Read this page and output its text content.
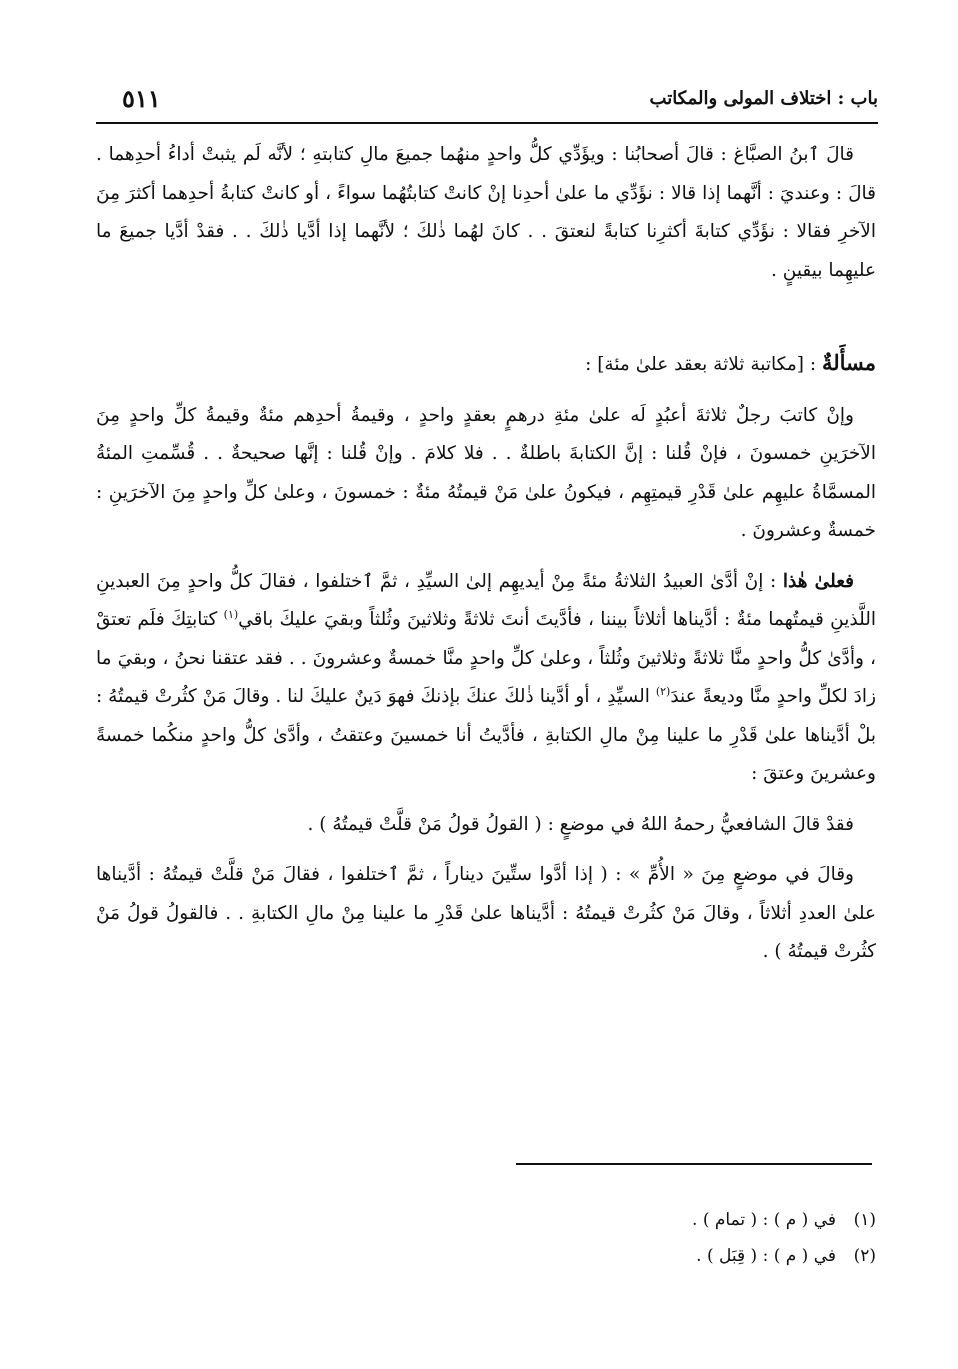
باب : اختلاف المولى والمكاتب
٥١١

قالَ ٱبنُ الصبَّاغ : قالَ أصحابُنا : ويؤَدِّي كلُّ واحدٍ منهُما جميعَ مالِ كتابتهِ ؛ لأنَّه لَم يثبتْ أداءُ أحدِهما . قالَ : وعنديَ : أنَّهما إذا قالا : نؤَدِّي ما علىٰ أحدِنا إنْ كانتْ كتابتُهُما سواءً ، أو كانتْ كتابةُ أحدِهما أكثرَ مِنَ الآخرِ فقالا : نؤَدِّي كتابةَ أكثرِنا كتابةً لنعتقَ . . كانَ لهُما ذٰلكَ ؛ لأنَّهما إذا أدَّيا ذٰلكَ . . فقدْ أدَّيا جميعَ ما عليهِما بيقينٍ .

مسأَلةٌ : [مكاتبة ثلاثة بعقد علىٰ مئة] :

وإنْ كاتبَ رجلٌ ثلاثةَ أعبُدٍ لَه علىٰ مئةِ درهمٍ بعقدٍ واحدٍ ، وقيمةُ أحدِهم مئةٌ وقيمةُ كلِّ واحدٍ مِنَ الآخرَينِ خمسونَ ، فإنْ قُلنا : إنَّ الكتابةَ باطلةٌ . . فلا كلامَ . وإنْ قُلنا : إنَّها صحيحةٌ . . قُسِّمتِ المئةُ المسمَّاةُ عليهِم علىٰ قَدْرِ قيمتِهِم ، فيكونُ علىٰ مَنْ قيمتُهُ مئةٌ : خمسونَ ، وعلىٰ كلِّ واحدٍ مِنَ الآخرَينِ : خمسةٌ وعشرونَ .

فعلىٰ هٰذا : إنْ أدَّىٰ العبيدُ الثلاثةُ مئةً مِنْ أيديهِم إلىٰ السيِّدِ ، ثمَّ ٱختلفوا ، فقالَ كلُّ واحدٍ مِنَ العبدينِ اللَّذينِ قيمتُهما مئةٌ : أدَّيناها أثلاثاً بيننا ، فأدَّيتَ أنتَ ثلاثةً وثلاثينَ وثُلثاً وبقيَ عليكَ باقي$^{(١)}$ كتابتِكَ فلَم تعتقْ ، وأدَّىٰ كلُّ واحدٍ منَّا ثلاثةً وثلاثينَ وثُلثاً ، وعلىٰ كلِّ واحدٍ منَّا خمسةٌ وعشرونَ . . فقد عتقنا نحنُ ، وبقيَ ما زادَ لكلِّ واحدٍ منَّا وديعةً عندَ$^{(٢)}$ السيِّدِ ، أو أدَّينا ذٰلكَ عنكَ بإذنكَ فهوَ دَينٌ عليكَ لنا . وقالَ مَنْ كثُرتْ قيمتُهُ : بلْ أدَّيناها علىٰ قَدْرِ ما علينا مِنْ مالِ الكتابةِ ، فأدَّيتُ أنا خمسينَ وعتقتُ ، وأدَّىٰ كلُّ واحدٍ منكُما خمسةً وعشرينَ وعتقَ :

فقدْ قالَ الشافعيُّ رحمهُ اللهُ في موضعٍ : ( القولُ قولُ مَنْ قلَّتْ قيمتُهُ ) .

وقالَ في موضعٍ مِنَ « الأُمِّ » : ( إذا أدَّوا ستِّينَ ديناراً ، ثمَّ ٱختلفوا ، فقالَ مَنْ قلَّتْ قيمتُهُ : أدَّيناها علىٰ العددِ أثلاثاً ، وقالَ مَنْ كثُرتْ قيمتُهُ : أدَّيناها علىٰ قَدْرِ ما علينا مِنْ مالِ الكتابةِ . . فالقولُ قولُ مَنْ كثُرتْ قيمتُهُ ) .

(١)في ( م ) : ( تمام ) .
(٢)في ( م ) : ( قِبَل ) .
